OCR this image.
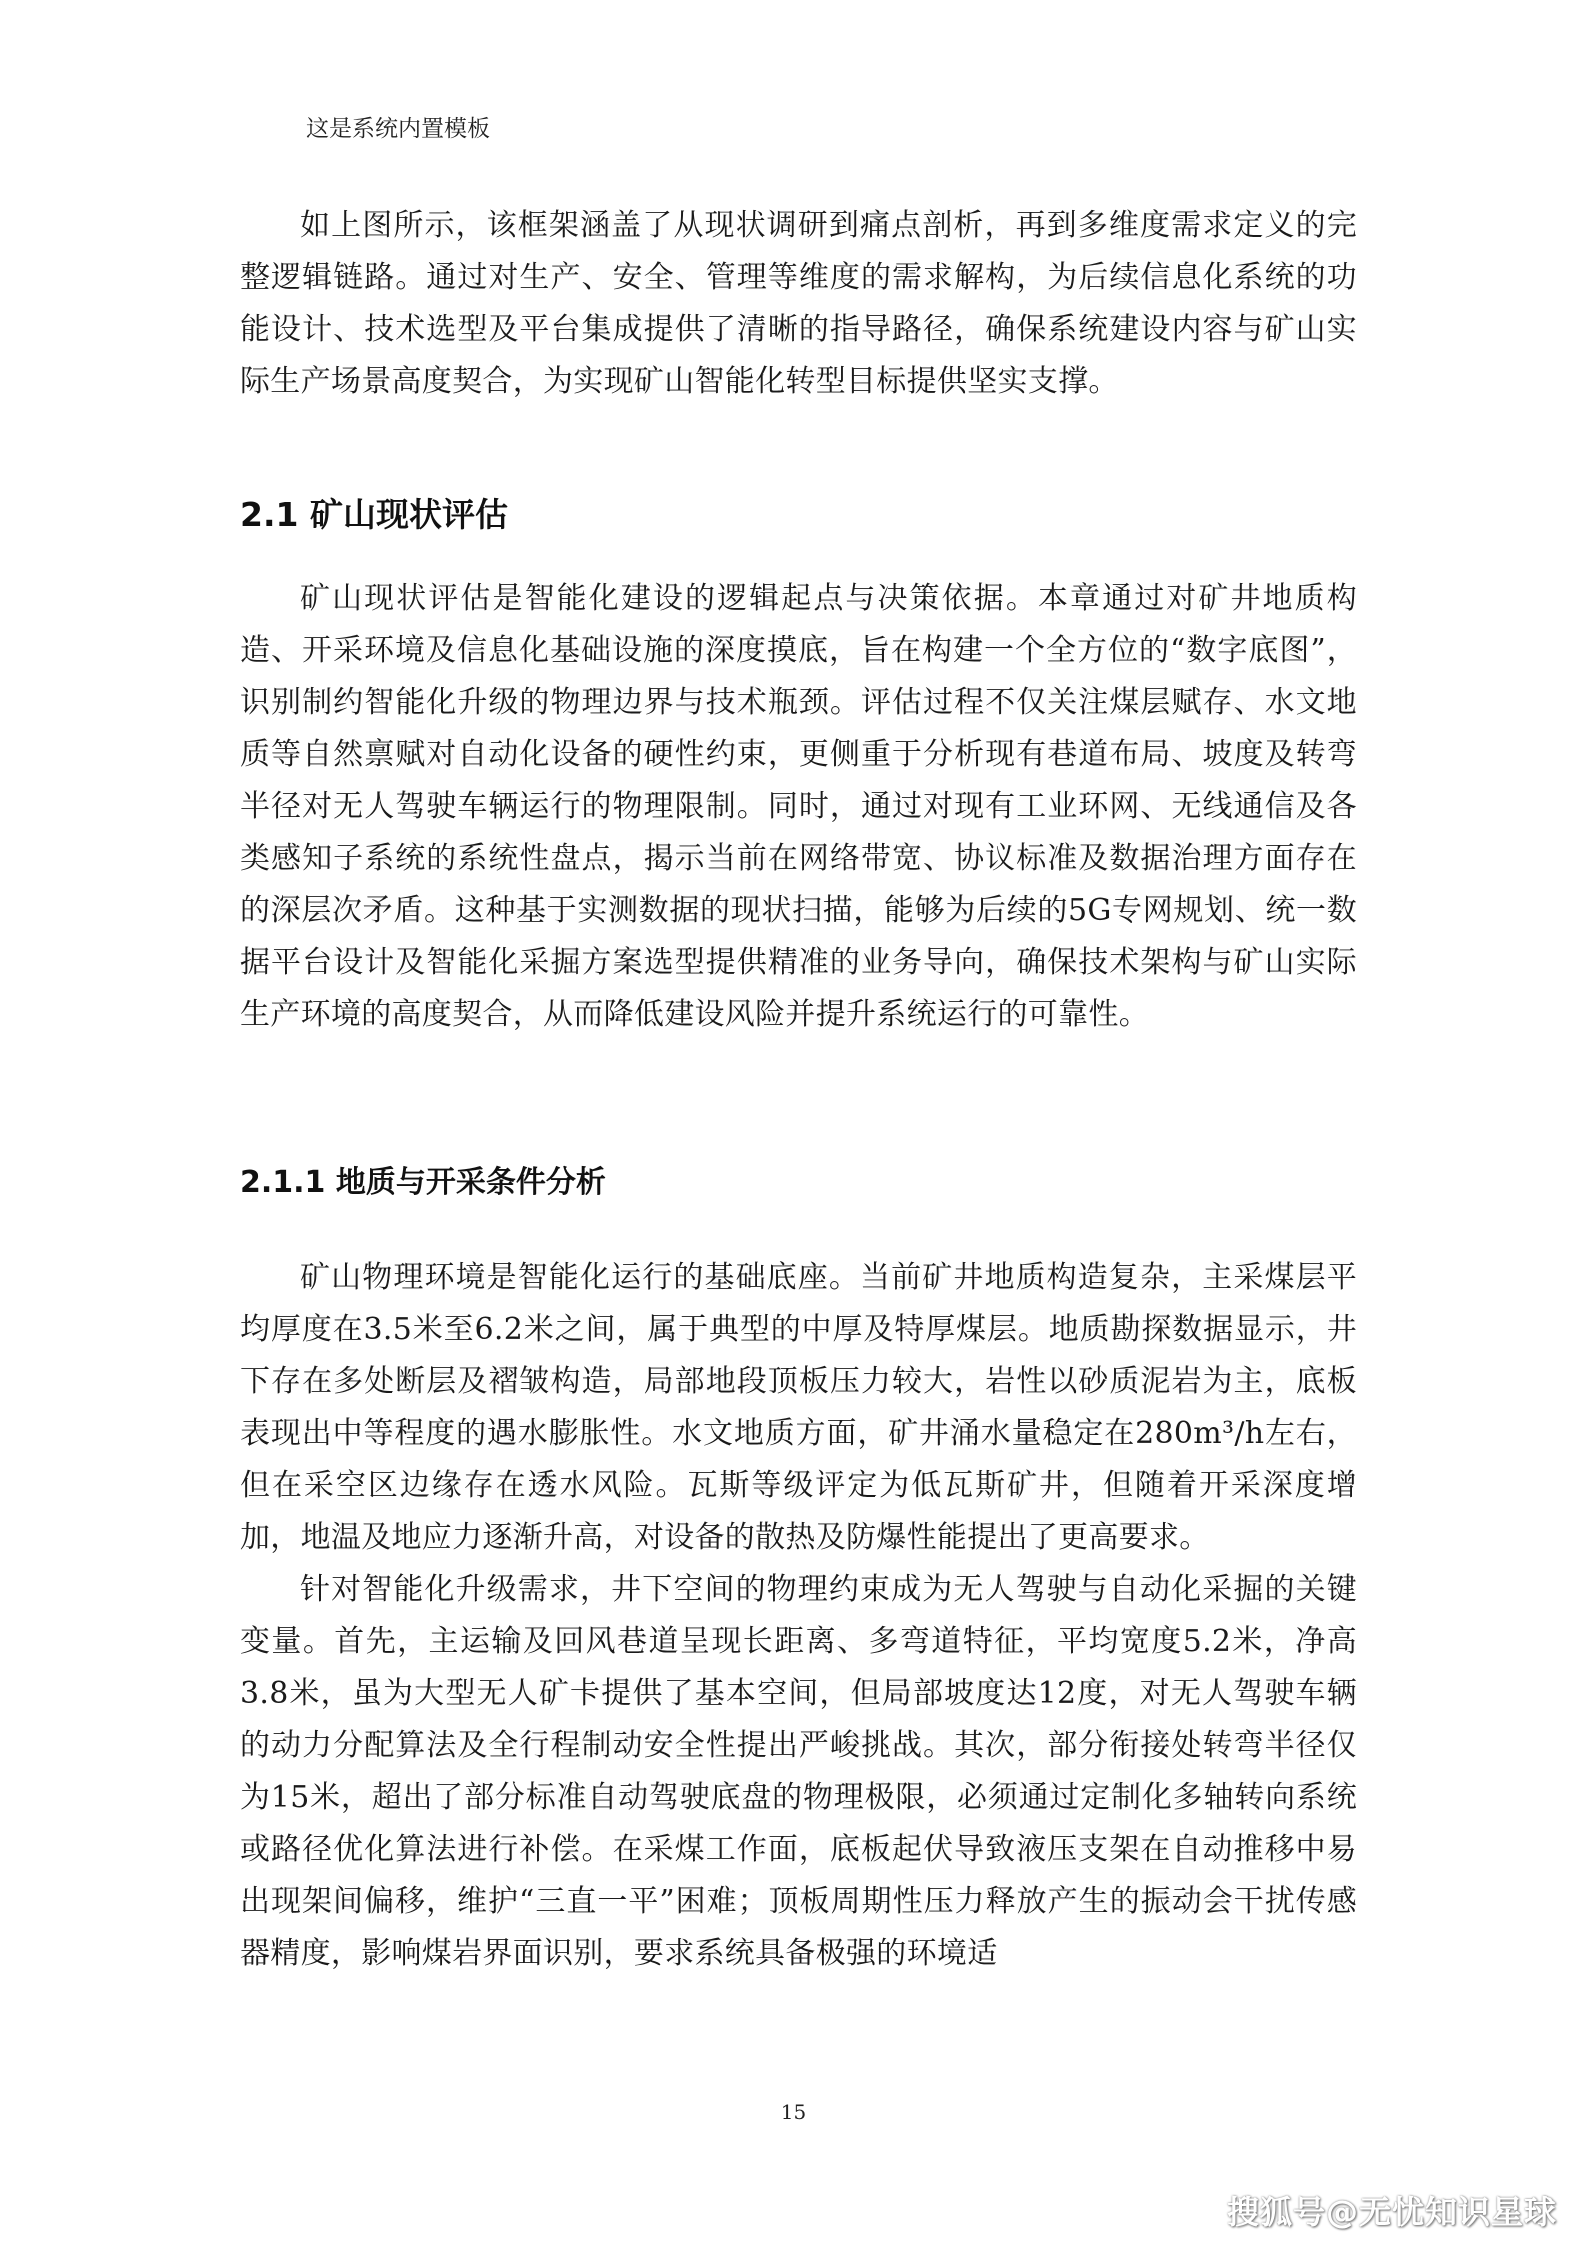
这是系统内置模板

如上图所示，该框架涵盖了从现状调研到痛点剖析，再到多维度需求定义的完整逻辑链路。通过对生产、安全、管理等维度的需求解构，为后续信息化系统的功能设计、技术选型及平台集成提供了清晰的指导路径，确保系统建设内容与矿山实际生产场景高度契合，为实现矿山智能化转型目标提供坚实支撑。

2.1 矿山现状评估

矿山现状评估是智能化建设的逻辑起点与决策依据。本章通过对矿井地质构造、开采环境及信息化基础设施的深度摸底，旨在构建一个全方位的“数字底图”，识别制约智能化升级的物理边界与技术瓶颈。评估过程不仅关注煤层赋存、水文地质等自然禀赋对自动化设备的硬性约束，更侧重于分析现有巷道布局、坡度及转弯半径对无人驾驶车辆运行的物理限制。同时，通过对现有工业环网、无线通信及各类感知子系统的系统性盘点，揭示当前在网络带宽、协议标准及数据治理方面存在的深层次矛盾。这种基于实测数据的现状扫描，能够为后续的5G专网规划、统一数据平台设计及智能化采掘方案选型提供精准的业务导向，确保技术架构与矿山实际生产环境的高度契合，从而降低建设风险并提升系统运行的可靠性。

2.1.1 地质与开采条件分析

矿山物理环境是智能化运行的基础底座。当前矿井地质构造复杂，主采煤层平均厚度在3.5米至6.2米之间，属于典型的中厚及特厚煤层。地质勘探数据显示，井下存在多处断层及褶皱构造，局部地段顶板压力较大，岩性以砂质泥岩为主，底板表现出中等程度的遇水膨胀性。水文地质方面，矿井涌水量稳定在280m³/h左右，但在采空区边缘存在透水风险。瓦斯等级评定为低瓦斯矿井，但随着开采深度增加，地温及地应力逐渐升高，对设备的散热及防爆性能提出了更高要求。

针对智能化升级需求，井下空间的物理约束成为无人驾驶与自动化采掘的关键变量。首先，主运输及回风巷道呈现长距离、多弯道特征，平均宽度5.2米，净高3.8米，虽为大型无人矿卡提供了基本空间，但局部坡度达12度，对无人驾驶车辆的动力分配算法及全行程制动安全性提出严峻挑战。其次，部分衔接处转弯半径仅为15米，超出了部分标准自动驾驶底盘的物理极限，必须通过定制化多轴转向系统或路径优化算法进行补偿。在采煤工作面，底板起伏导致液压支架在自动推移中易出现架间偏移，维护“三直一平”困难；顶板周期性压力释放产生的振动会干扰传感器精度，影响煤岩界面识别，要求系统具备极强的环境适

15
搜狐号@无忧知识星球
